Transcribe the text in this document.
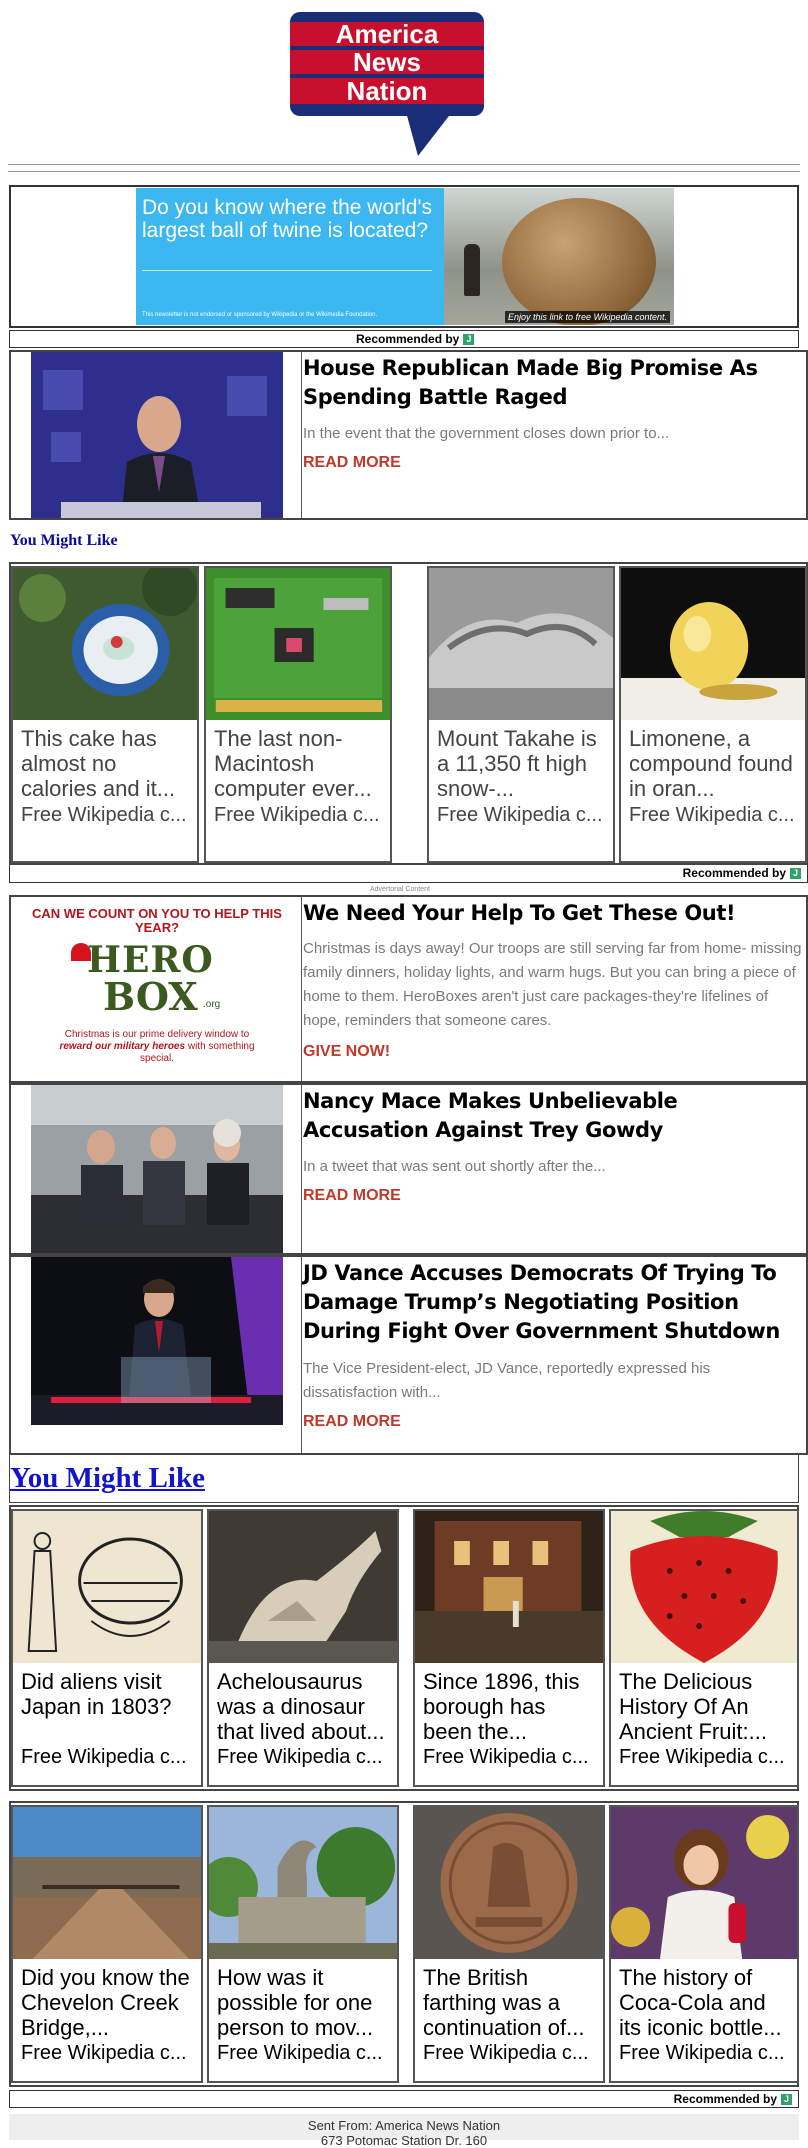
America
News
Nation
Do you know where the world's largest ball of twine is located?
This newsletter is not endorsed or sponsored by Wikipedia or the Wikimedia Foundation.	Enjoy this link to free Wikipedia content.
Recommended by J
House Republican Made Big Promise As Spending Battle Raged
In the event that the government closes down prior to...
READ MORE
You Might Like
This cake has almost no calories and it...
Free Wikipedia c...
The last non-Macintosh computer ever...
Free Wikipedia c...
Mount Takahe is a 11,350 ft high snow-...
Free Wikipedia c...
Limonene, a compound found in oran...
Free Wikipedia c...
Recommended by J
Advertorial Content
CAN WE COUNT ON YOU TO HELP THIS YEAR?
HERO
BOX .org
Christmas is our prime delivery window to reward our military heroes with something special.
We Need Your Help To Get These Out!
Christmas is days away! Our troops are still serving far from home- missing family dinners, holiday lights, and warm hugs. But you can bring a piece of home to them. HeroBoxes aren't just care packages-they're lifelines of hope, reminders that someone cares.
GIVE NOW!
Nancy Mace Makes Unbelievable Accusation Against Trey Gowdy
In a tweet that was sent out shortly after the...
READ MORE
JD Vance Accuses Democrats Of Trying To Damage Trump’s Negotiating Position During Fight Over Government Shutdown
The Vice President-elect, JD Vance, reportedly expressed his dissatisfaction with...
READ MORE
You Might Like
Did aliens visit Japan in 1803?
Free Wikipedia c...
Achelousaurus was a dinosaur that lived about...
Free Wikipedia c...
Since 1896, this borough has been the...
Free Wikipedia c...
The Delicious History Of An Ancient Fruit:...
Free Wikipedia c...
Did you know the Chevelon Creek Bridge,...
Free Wikipedia c...
How was it possible for one person to mov...
Free Wikipedia c...
The British farthing was a continuation of...
Free Wikipedia c...
The history of Coca-Cola and its iconic bottle...
Free Wikipedia c...
Recommended by J
Sent From: America News Nation
673 Potomac Station Dr. 160
